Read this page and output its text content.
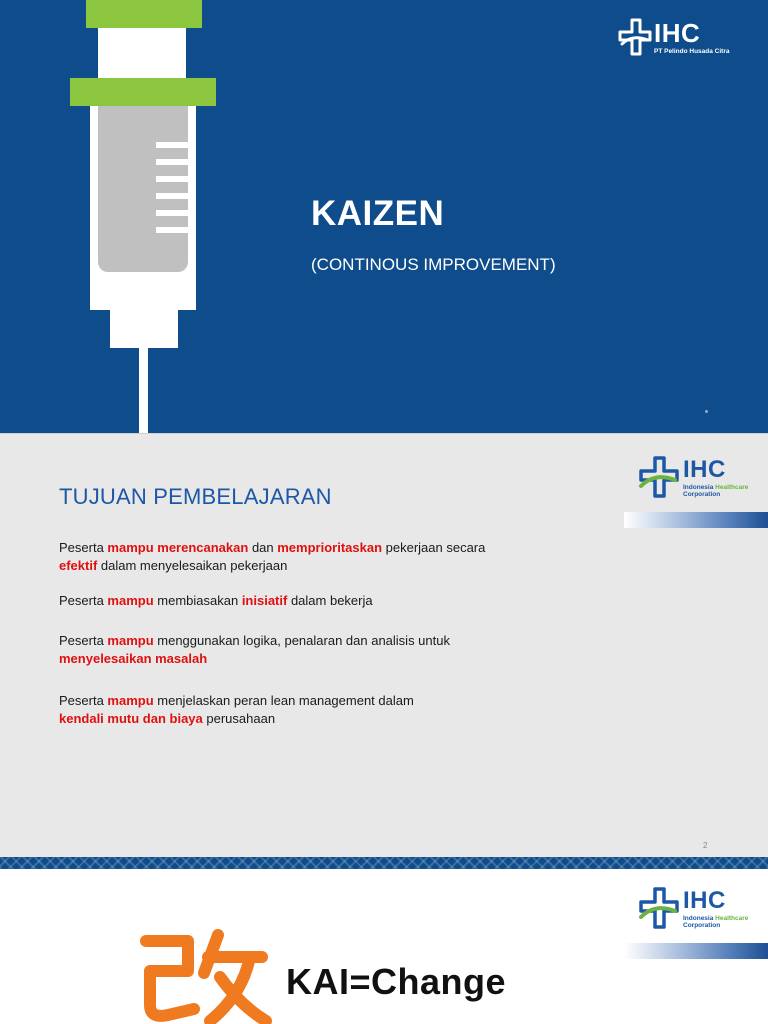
KAIZEN
(CONTINOUS IMPROVEMENT)
IHC
PT Pelindo Husada Citra
IHC
Indonesia Healthcare
Corporation
TUJUAN PEMBELAJARAN
Peserta mampu merencanakan dan memprioritaskan pekerjaan secara
efektif dalam menyelesaikan pekerjaan
Peserta mampu membiasakan inisiatif dalam bekerja
Peserta mampu menggunakan logika, penalaran dan analisis untuk
menyelesaikan masalah
Peserta mampu menjelaskan peran lean management dalam
kendali mutu dan biaya perusahaan
2
IHC
Indonesia Healthcare
Corporation
KAI=Change
